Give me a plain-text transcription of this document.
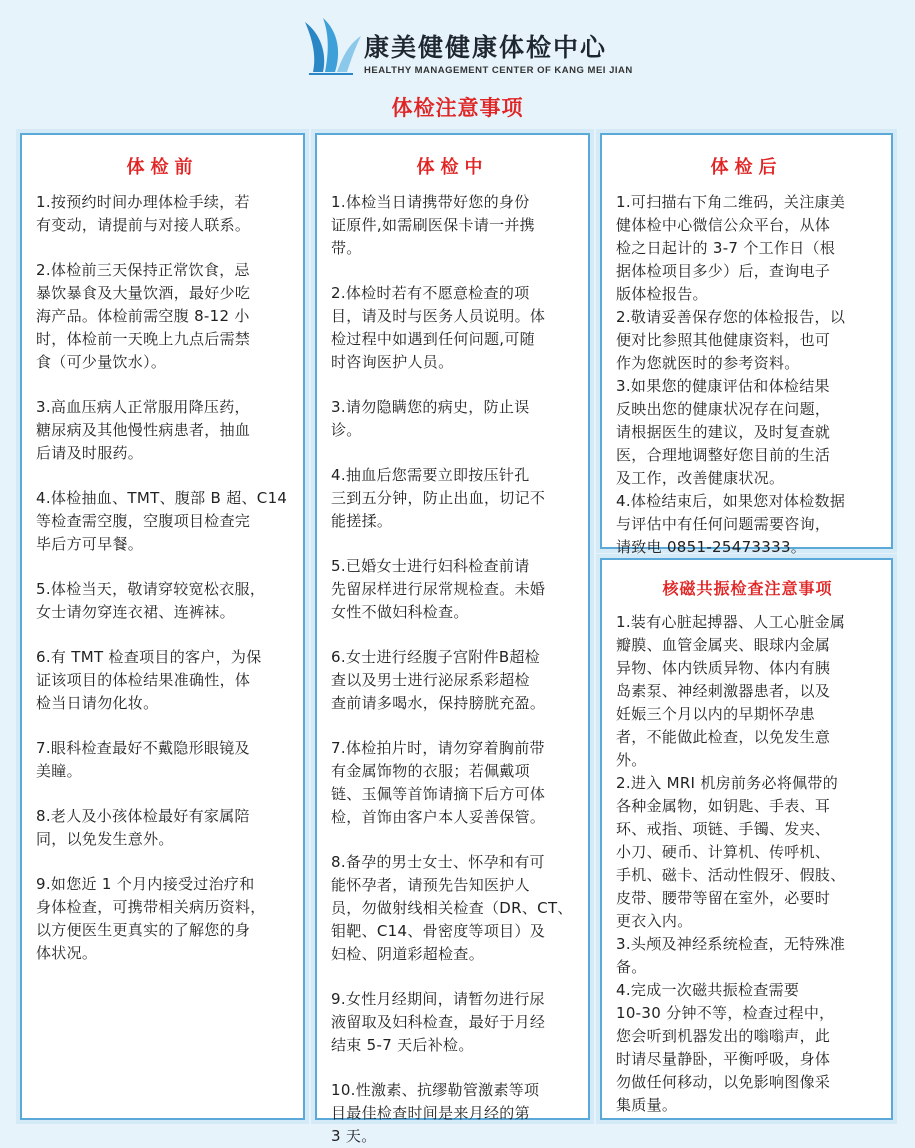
康美健健康体检中心
HEALTHY MANAGEMENT CENTER OF KANG MEI JIAN
体检注意事项
体检前
1.按预约时间办理体检手续，若
有变动，请提前与对接人联系。
2.体检前三天保持正常饮食，忌
暴饮暴食及大量饮酒，最好少吃
海产品。体检前需空腹 8-12 小
时，体检前一天晚上九点后需禁
食（可少量饮水）。
3.高血压病人正常服用降压药，
糖尿病及其他慢性病患者，抽血
后请及时服药。
4.体检抽血、TMT、腹部 B 超、C14
等检查需空腹，空腹项目检查完
毕后方可早餐。
5.体检当天，敬请穿较宽松衣服，
女士请勿穿连衣裙、连裤袜。
6.有 TMT 检查项目的客户，为保
证该项目的体检结果准确性，体
检当日请勿化妆。
7.眼科检查最好不戴隐形眼镜及
美瞳。
8.老人及小孩体检最好有家属陪
同，以免发生意外。
9.如您近 1 个月内接受过治疗和
身体检查，可携带相关病历资料，
以方便医生更真实的了解您的身
体状况。
体检中
1.体检当日请携带好您的身份
证原件,如需刷医保卡请一并携
带。
2.体检时若有不愿意检查的项
目，请及时与医务人员说明。体
检过程中如遇到任何问题,可随
时咨询医护人员。
3.请勿隐瞒您的病史，防止误
诊。
4.抽血后您需要立即按压针孔
三到五分钟，防止出血，切记不
能搓揉。
5.已婚女士进行妇科检查前请
先留尿样进行尿常规检查。未婚
女性不做妇科检查。
6.女士进行经腹子宫附件B超检
查以及男士进行泌尿系彩超检
查前请多喝水，保持膀胱充盈。
7.体检拍片时，请勿穿着胸前带
有金属饰物的衣服；若佩戴项
链、玉佩等首饰请摘下后方可体
检，首饰由客户本人妥善保管。
8.备孕的男士女士、怀孕和有可
能怀孕者，请预先告知医护人
员，勿做射线相关检查（DR、CT、
钼靶、C14、骨密度等项目）及
妇检、阴道彩超检查。
9.女性月经期间，请暂勿进行尿
液留取及妇科检查，最好于月经
结束 5-7 天后补检。
10.性激素、抗缪勒管激素等项
目最佳检查时间是来月经的第
3 天。
体检后
1.可扫描右下角二维码，关注康美
健体检中心微信公众平台，从体
检之日起计的 3-7 个工作日（根
据体检项目多少）后，查询电子
版体检报告。
2.敬请妥善保存您的体检报告，以
便对比参照其他健康资料，也可
作为您就医时的参考资料。
3.如果您的健康评估和体检结果
反映出您的健康状况存在问题，
请根据医生的建议，及时复查就
医，合理地调整好您目前的生活
及工作，改善健康状况。
4.体检结束后，如果您对体检数据
与评估中有任何问题需要咨询，
请致电 0851-25473333。
核磁共振检查注意事项
1.装有心脏起搏器、人工心脏金属
瓣膜、血管金属夹、眼球内金属
异物、体内铁质异物、体内有胰
岛素泵、神经刺激器患者，以及
妊娠三个月以内的早期怀孕患
者，不能做此检查，以免发生意
外。
2.进入 MRI 机房前务必将佩带的
各种金属物，如钥匙、手表、耳
环、戒指、项链、手镯、发夹、
小刀、硬币、计算机、传呼机、
手机、磁卡、活动性假牙、假肢、
皮带、腰带等留在室外，必要时
更衣入内。
3.头颅及神经系统检查，无特殊准
备。
4.完成一次磁共振检查需要
10-30 分钟不等，检查过程中，
您会听到机器发出的嗡嗡声，此
时请尽量静卧，平衡呼吸，身体
勿做任何移动，以免影响图像采
集质量。
